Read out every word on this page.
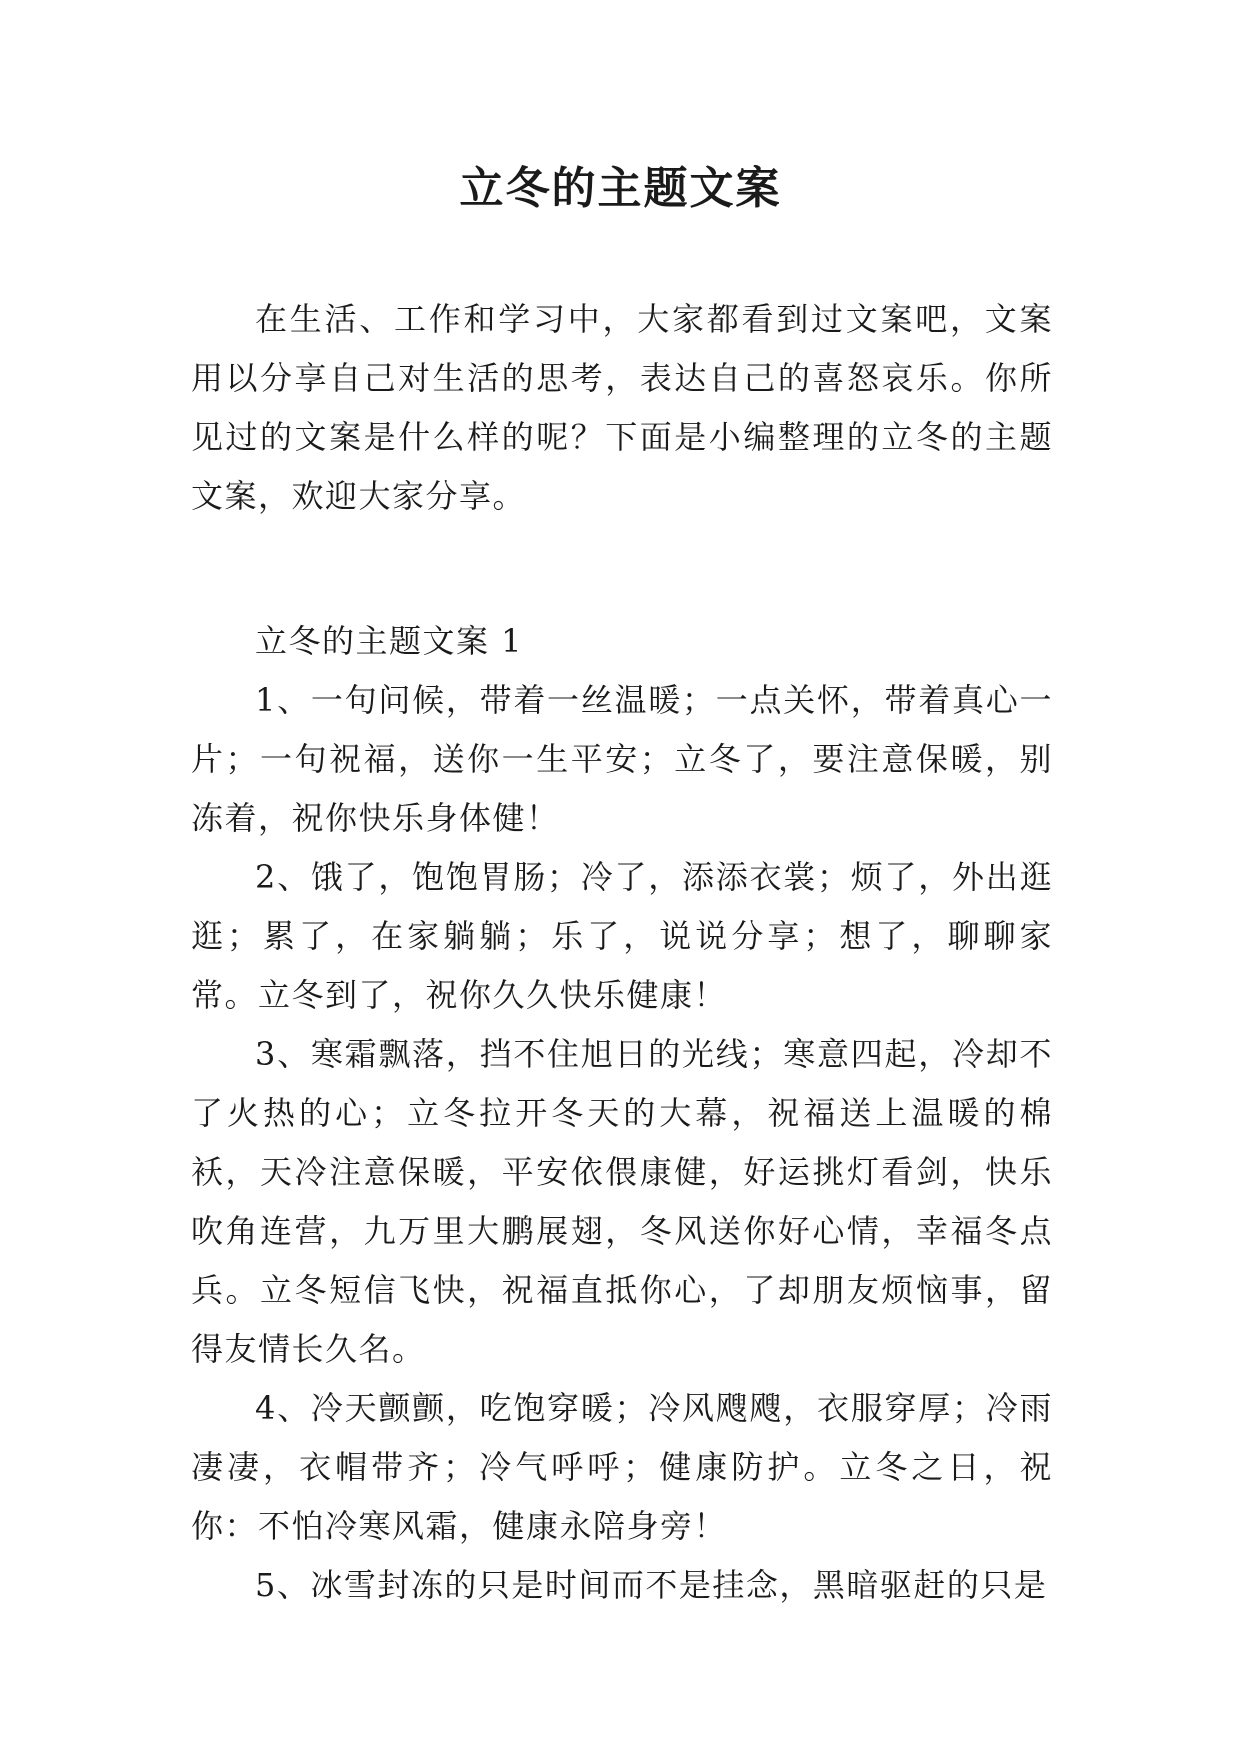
立冬的主题文案

在生活、工作和学习中，大家都看到过文案吧，文案用以分享自己对生活的思考，表达自己的喜怒哀乐。你所见过的文案是什么样的呢？下面是小编整理的立冬的主题文案，欢迎大家分享。

立冬的主题文案 1

1、一句问候，带着一丝温暖；一点关怀，带着真心一片；一句祝福，送你一生平安；立冬了，要注意保暖，别冻着，祝你快乐身体健！

2、饿了，饱饱胃肠；冷了，添添衣裳；烦了，外出逛逛；累了，在家躺躺；乐了，说说分享；想了，聊聊家常。立冬到了，祝你久久快乐健康！

3、寒霜飘落，挡不住旭日的光线；寒意四起，冷却不了火热的心；立冬拉开冬天的大幕，祝福送上温暖的棉袄，天冷注意保暖，平安依偎康健，好运挑灯看剑，快乐吹角连营，九万里大鹏展翅，冬风送你好心情，幸福冬点兵。立冬短信飞快，祝福直抵你心，了却朋友烦恼事，留得友情长久名。

4、冷天颤颤，吃饱穿暖；冷风飕飕，衣服穿厚；冷雨凄凄，衣帽带齐；冷气呼呼；健康防护。立冬之日，祝你：不怕冷寒风霜，健康永陪身旁！

5、冰雪封冻的只是时间而不是挂念，黑暗驱赶的只是
